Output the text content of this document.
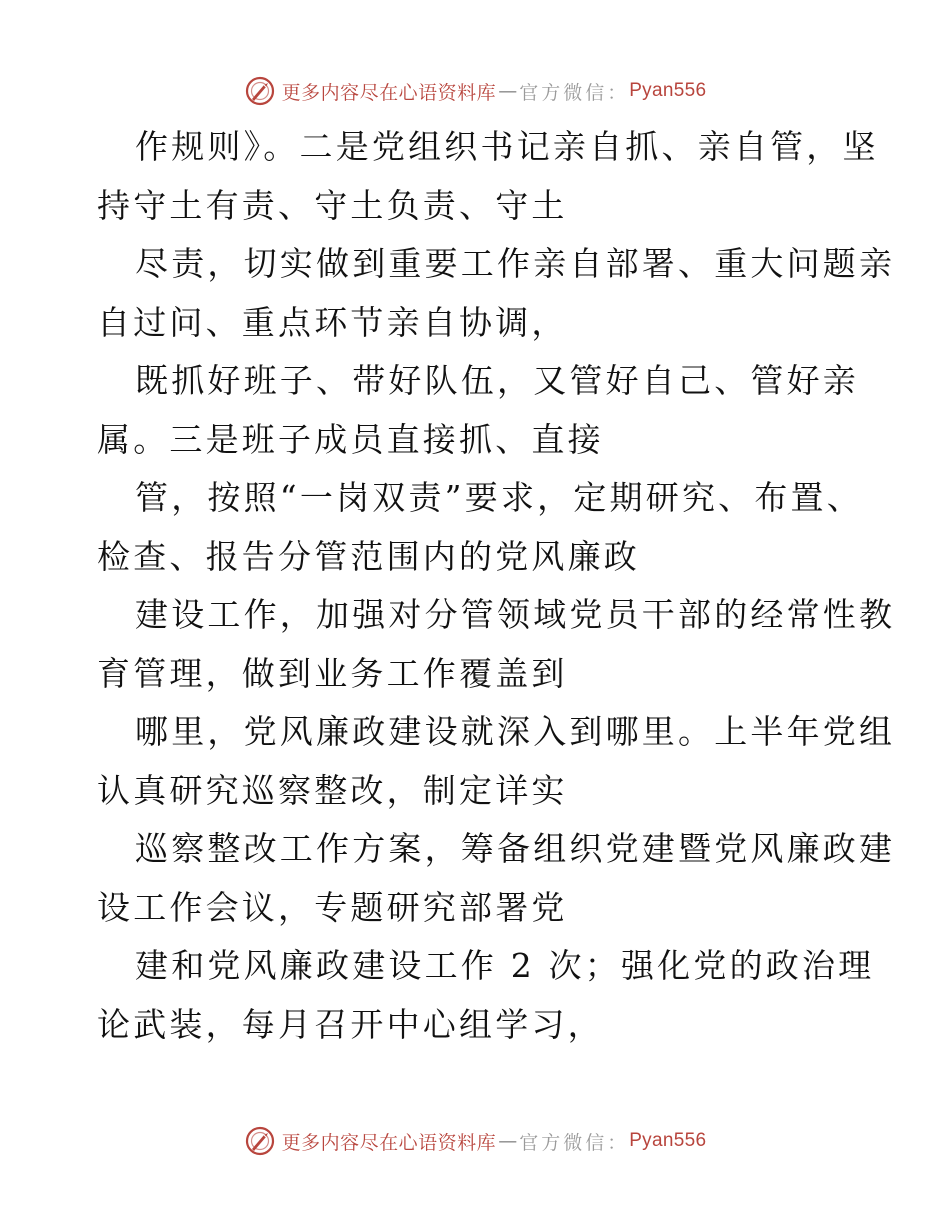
更多内容尽在心语资料库 — 官方微信： Pyan556

作规则》。二是党组织书记亲自抓、亲自管，坚
持守土有责、守土负责、守土

尽责，切实做到重要工作亲自部署、重大问题亲
自过问、重点环节亲自协调，

既抓好班子、带好队伍，又管好自己、管好亲
属。三是班子成员直接抓、直接

管，按照“一岗双责”要求，定期研究、布置、
检查、报告分管范围内的党风廉政

建设工作，加强对分管领域党员干部的经常性教
育管理，做到业务工作覆盖到

哪里，党风廉政建设就深入到哪里。上半年党组
认真研究巡察整改，制定详实

巡察整改工作方案，筹备组织党建暨党风廉政建
设工作会议，专题研究部署党

建和党风廉政建设工作 2 次；强化党的政治理
论武装，每月召开中心组学习，

更多内容尽在心语资料库 — 官方微信： Pyan556
